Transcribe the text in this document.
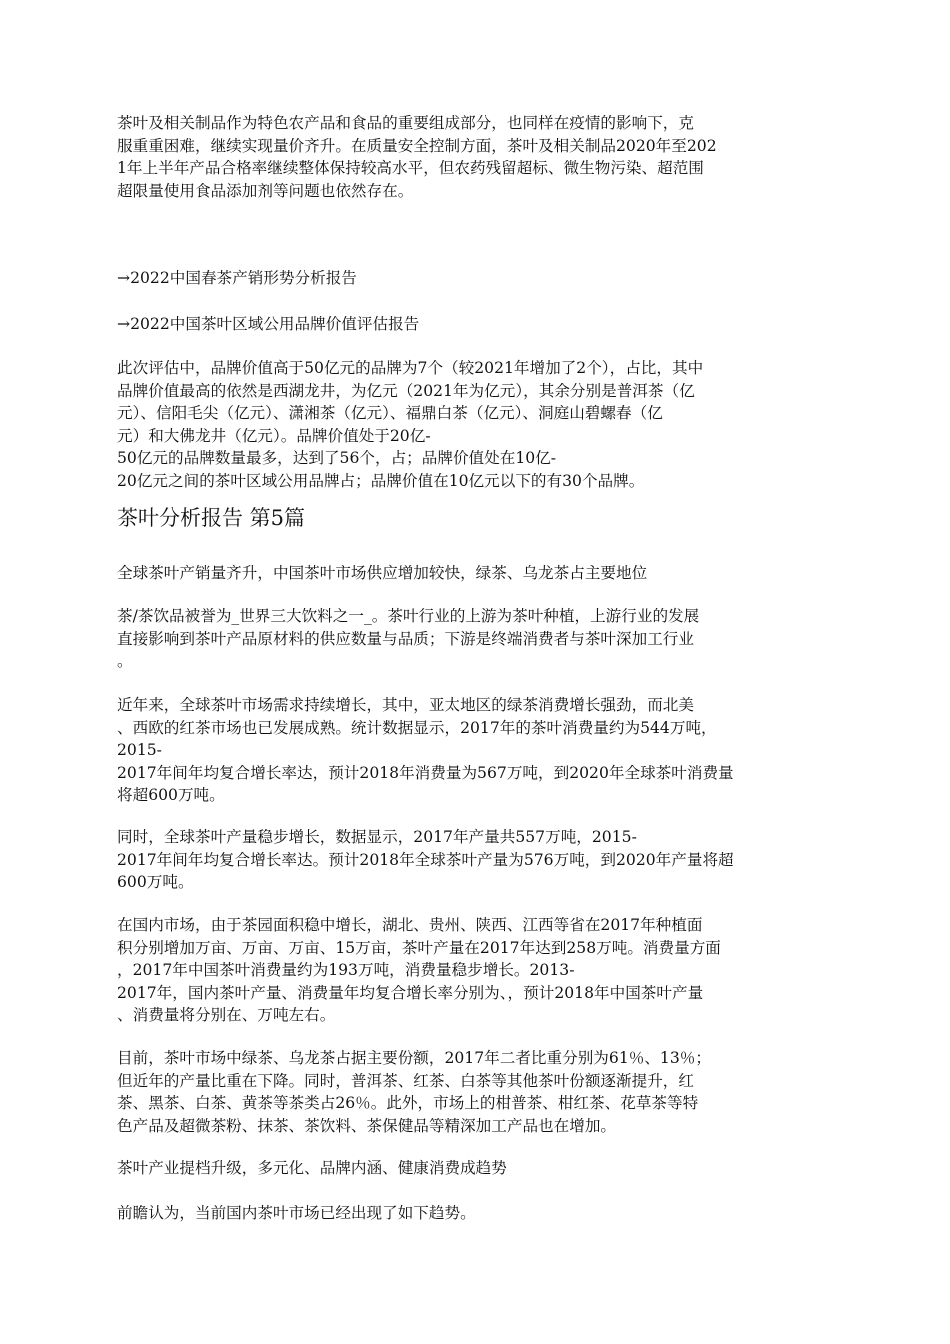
茶叶及相关制品作为特色农产品和食品的重要组成部分，也同样在疫情的影响下，克
服重重困难，继续实现量价齐升。在质量安全控制方面，茶叶及相关制品2020年至202
1年上半年产品合格率继续整体保持较高水平，但农药残留超标、微生物污染、超范围
超限量使用食品添加剂等问题也依然存在。

→2022中国春茶产销形势分析报告
→2022中国茶叶区域公用品牌价值评估报告

此次评估中，品牌价值高于50亿元的品牌为7个（较2021年增加了2个），占比，其中
品牌价值最高的依然是西湖龙井，为亿元（2021年为亿元），其余分别是普洱茶（亿
元）、信阳毛尖（亿元）、潇湘茶（亿元）、福鼎白茶（亿元）、洞庭山碧螺春（亿
元）和大佛龙井（亿元）。品牌价值处于20亿-
50亿元的品牌数量最多，达到了56个，占；品牌价值处在10亿-
20亿元之间的茶叶区域公用品牌占；品牌价值在10亿元以下的有30个品牌。

茶叶分析报告 第5篇

全球茶叶产销量齐升，中国茶叶市场供应增加较快，绿茶、乌龙茶占主要地位

茶/茶饮品被誉为_世界三大饮料之一_。茶叶行业的上游为茶叶种植，上游行业的发展
直接影响到茶叶产品原材料的供应数量与品质；下游是终端消费者与茶叶深加工行业
。

近年来，全球茶叶市场需求持续增长，其中，亚太地区的绿茶消费增长强劲，而北美
、西欧的红茶市场也已发展成熟。统计数据显示，2017年的茶叶消费量约为544万吨，
2015-
2017年间年均复合增长率达，预计2018年消费量为567万吨，到2020年全球茶叶消费量
将超600万吨。

同时，全球茶叶产量稳步增长，数据显示，2017年产量共557万吨，2015-
2017年间年均复合增长率达。预计2018年全球茶叶产量为576万吨，到2020年产量将超
600万吨。

在国内市场，由于茶园面积稳中增长，湖北、贵州、陕西、江西等省在2017年种植面
积分别增加万亩、万亩、万亩、15万亩，茶叶产量在2017年达到258万吨。消费量方面
，2017年中国茶叶消费量约为193万吨，消费量稳步增长。2013-
2017年，国内茶叶产量、消费量年均复合增长率分别为、，预计2018年中国茶叶产量
、消费量将分别在、万吨左右。

目前，茶叶市场中绿茶、乌龙茶占据主要份额，2017年二者比重分别为61％、13％；
但近年的产量比重在下降。同时，普洱茶、红茶、白茶等其他茶叶份额逐渐提升，红
茶、黑茶、白茶、黄茶等茶类占26％。此外，市场上的柑普茶、柑红茶、花草茶等特
色产品及超微茶粉、抹茶、茶饮料、茶保健品等精深加工产品也在增加。

茶叶产业提档升级，多元化、品牌内涵、健康消费成趋势

前瞻认为，当前国内茶叶市场已经出现了如下趋势。
